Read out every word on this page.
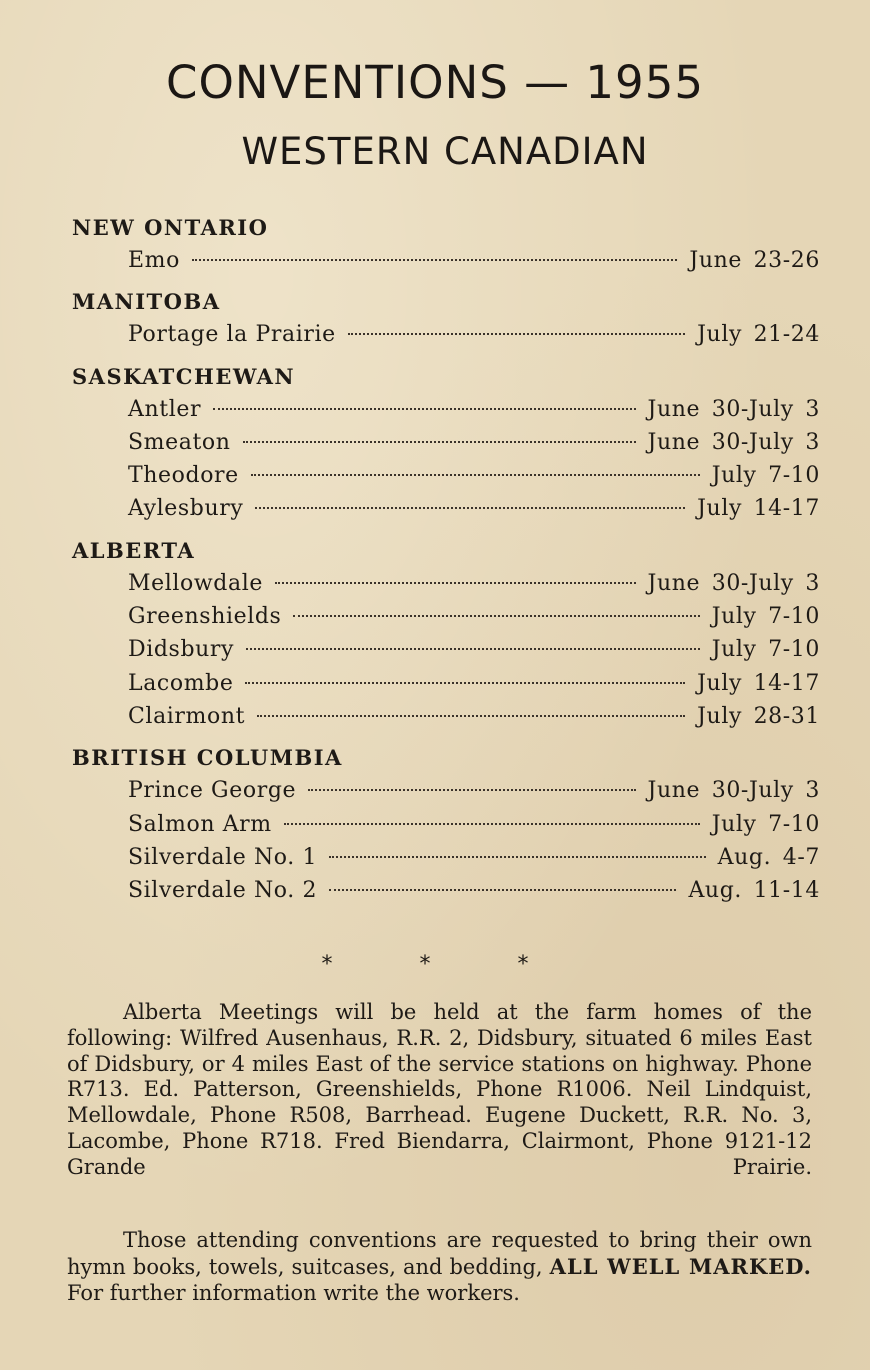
CONVENTIONS — 1955
WESTERN CANADIAN
NEW ONTARIO
Emo	June 23-26
MANITOBA
Portage la Prairie	July 21-24
SASKATCHEWAN
Antler	June 30-July 3
Smeaton	June 30-July 3
Theodore	July 7-10
Aylesbury	July 14-17
ALBERTA
Mellowdale	June 30-July 3
Greenshields	July 7-10
Didsbury	July 7-10
Lacombe	July 14-17
Clairmont	July 28-31
BRITISH COLUMBIA
Prince George	June 30-July 3
Salmon Arm	July 7-10
Silverdale No. 1	Aug. 4-7
Silverdale No. 2	Aug. 11-14
* * *

Alberta Meetings will be held at the farm homes of the following: Wilfred Ausenhaus, R.R. 2, Didsbury, situated 6 miles East of Didsbury, or 4 miles East of the service stations on highway. Phone R713. Ed. Patterson, Greenshields, Phone R1006. Neil Lindquist, Mellowdale, Phone R508, Barrhead. Eugene Duckett, R.R. No. 3, Lacombe, Phone R718. Fred Biendarra, Clairmont, Phone 9121-12 Grande Prairie.

Those attending conventions are requested to bring their own hymn books, towels, suitcases, and bedding, ALL WELL MARKED. For further information write the workers.
